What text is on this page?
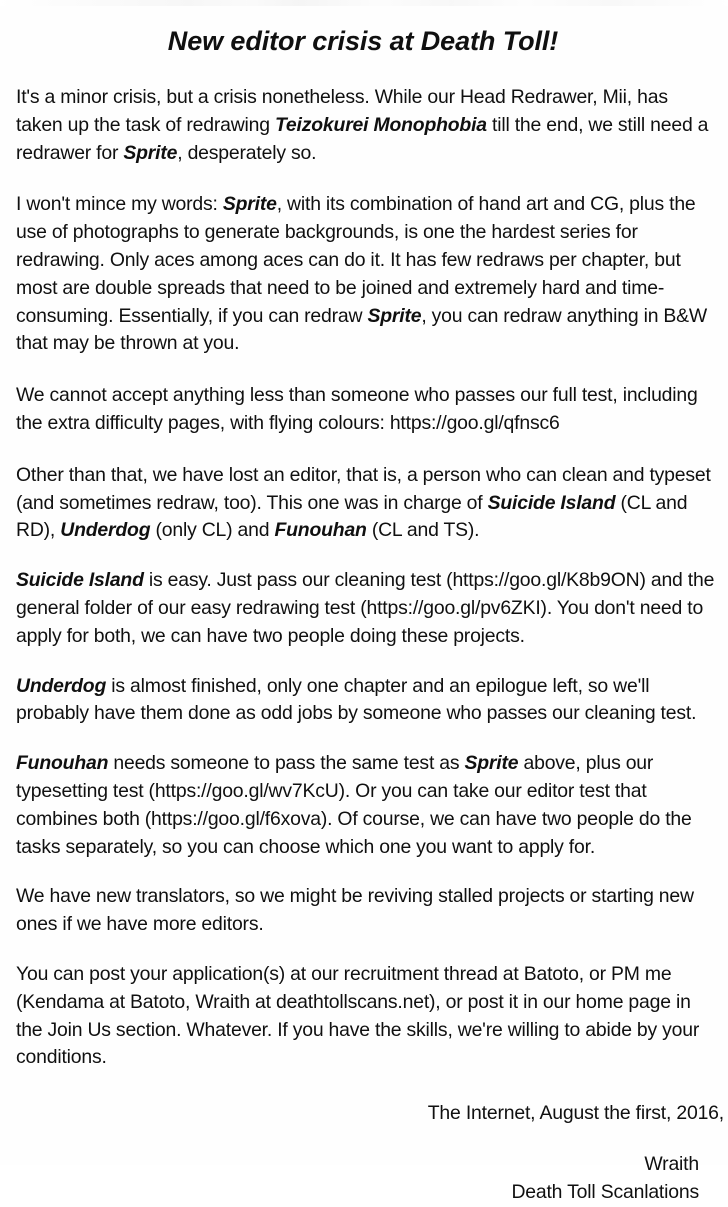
New editor crisis at Death Toll!

It's a minor crisis, but a crisis nonetheless. While our Head Redrawer, Mii, has taken up the task of redrawing Teizokurei Monophobia till the end, we still need a redrawer for Sprite, desperately so.

I won't mince my words: Sprite, with its combination of hand art and CG, plus the use of photographs to generate backgrounds, is one the hardest series for redrawing. Only aces among aces can do it. It has few redraws per chapter, but most are double spreads that need to be joined and extremely hard and time-consuming. Essentially, if you can redraw Sprite, you can redraw anything in B&W that may be thrown at you.

We cannot accept anything less than someone who passes our full test, including the extra difficulty pages, with flying colours: https://goo.gl/qfnsc6

Other than that, we have lost an editor, that is, a person who can clean and typeset (and sometimes redraw, too). This one was in charge of Suicide Island (CL and RD), Underdog (only CL) and Funouhan (CL and TS).

Suicide Island is easy. Just pass our cleaning test (https://goo.gl/K8b9ON) and the general folder of our easy redrawing test (https://goo.gl/pv6ZKI). You don't need to apply for both, we can have two people doing these projects.

Underdog is almost finished, only one chapter and an epilogue left, so we'll probably have them done as odd jobs by someone who passes our cleaning test.

Funouhan needs someone to pass the same test as Sprite above, plus our typesetting test (https://goo.gl/wv7KcU). Or you can take our editor test that combines both (https://goo.gl/f6xova). Of course, we can have two people do the tasks separately, so you can choose which one you want to apply for.

We have new translators, so we might be reviving stalled projects or starting new ones if we have more editors.

You can post your application(s) at our recruitment thread at Batoto, or PM me (Kendama at Batoto, Wraith at deathtollscans.net), or post it in our home page in the Join Us section. Whatever. If you have the skills, we're willing to abide by your conditions.

The Internet, August the first, 2016,
Wraith
Death Toll Scanlations
